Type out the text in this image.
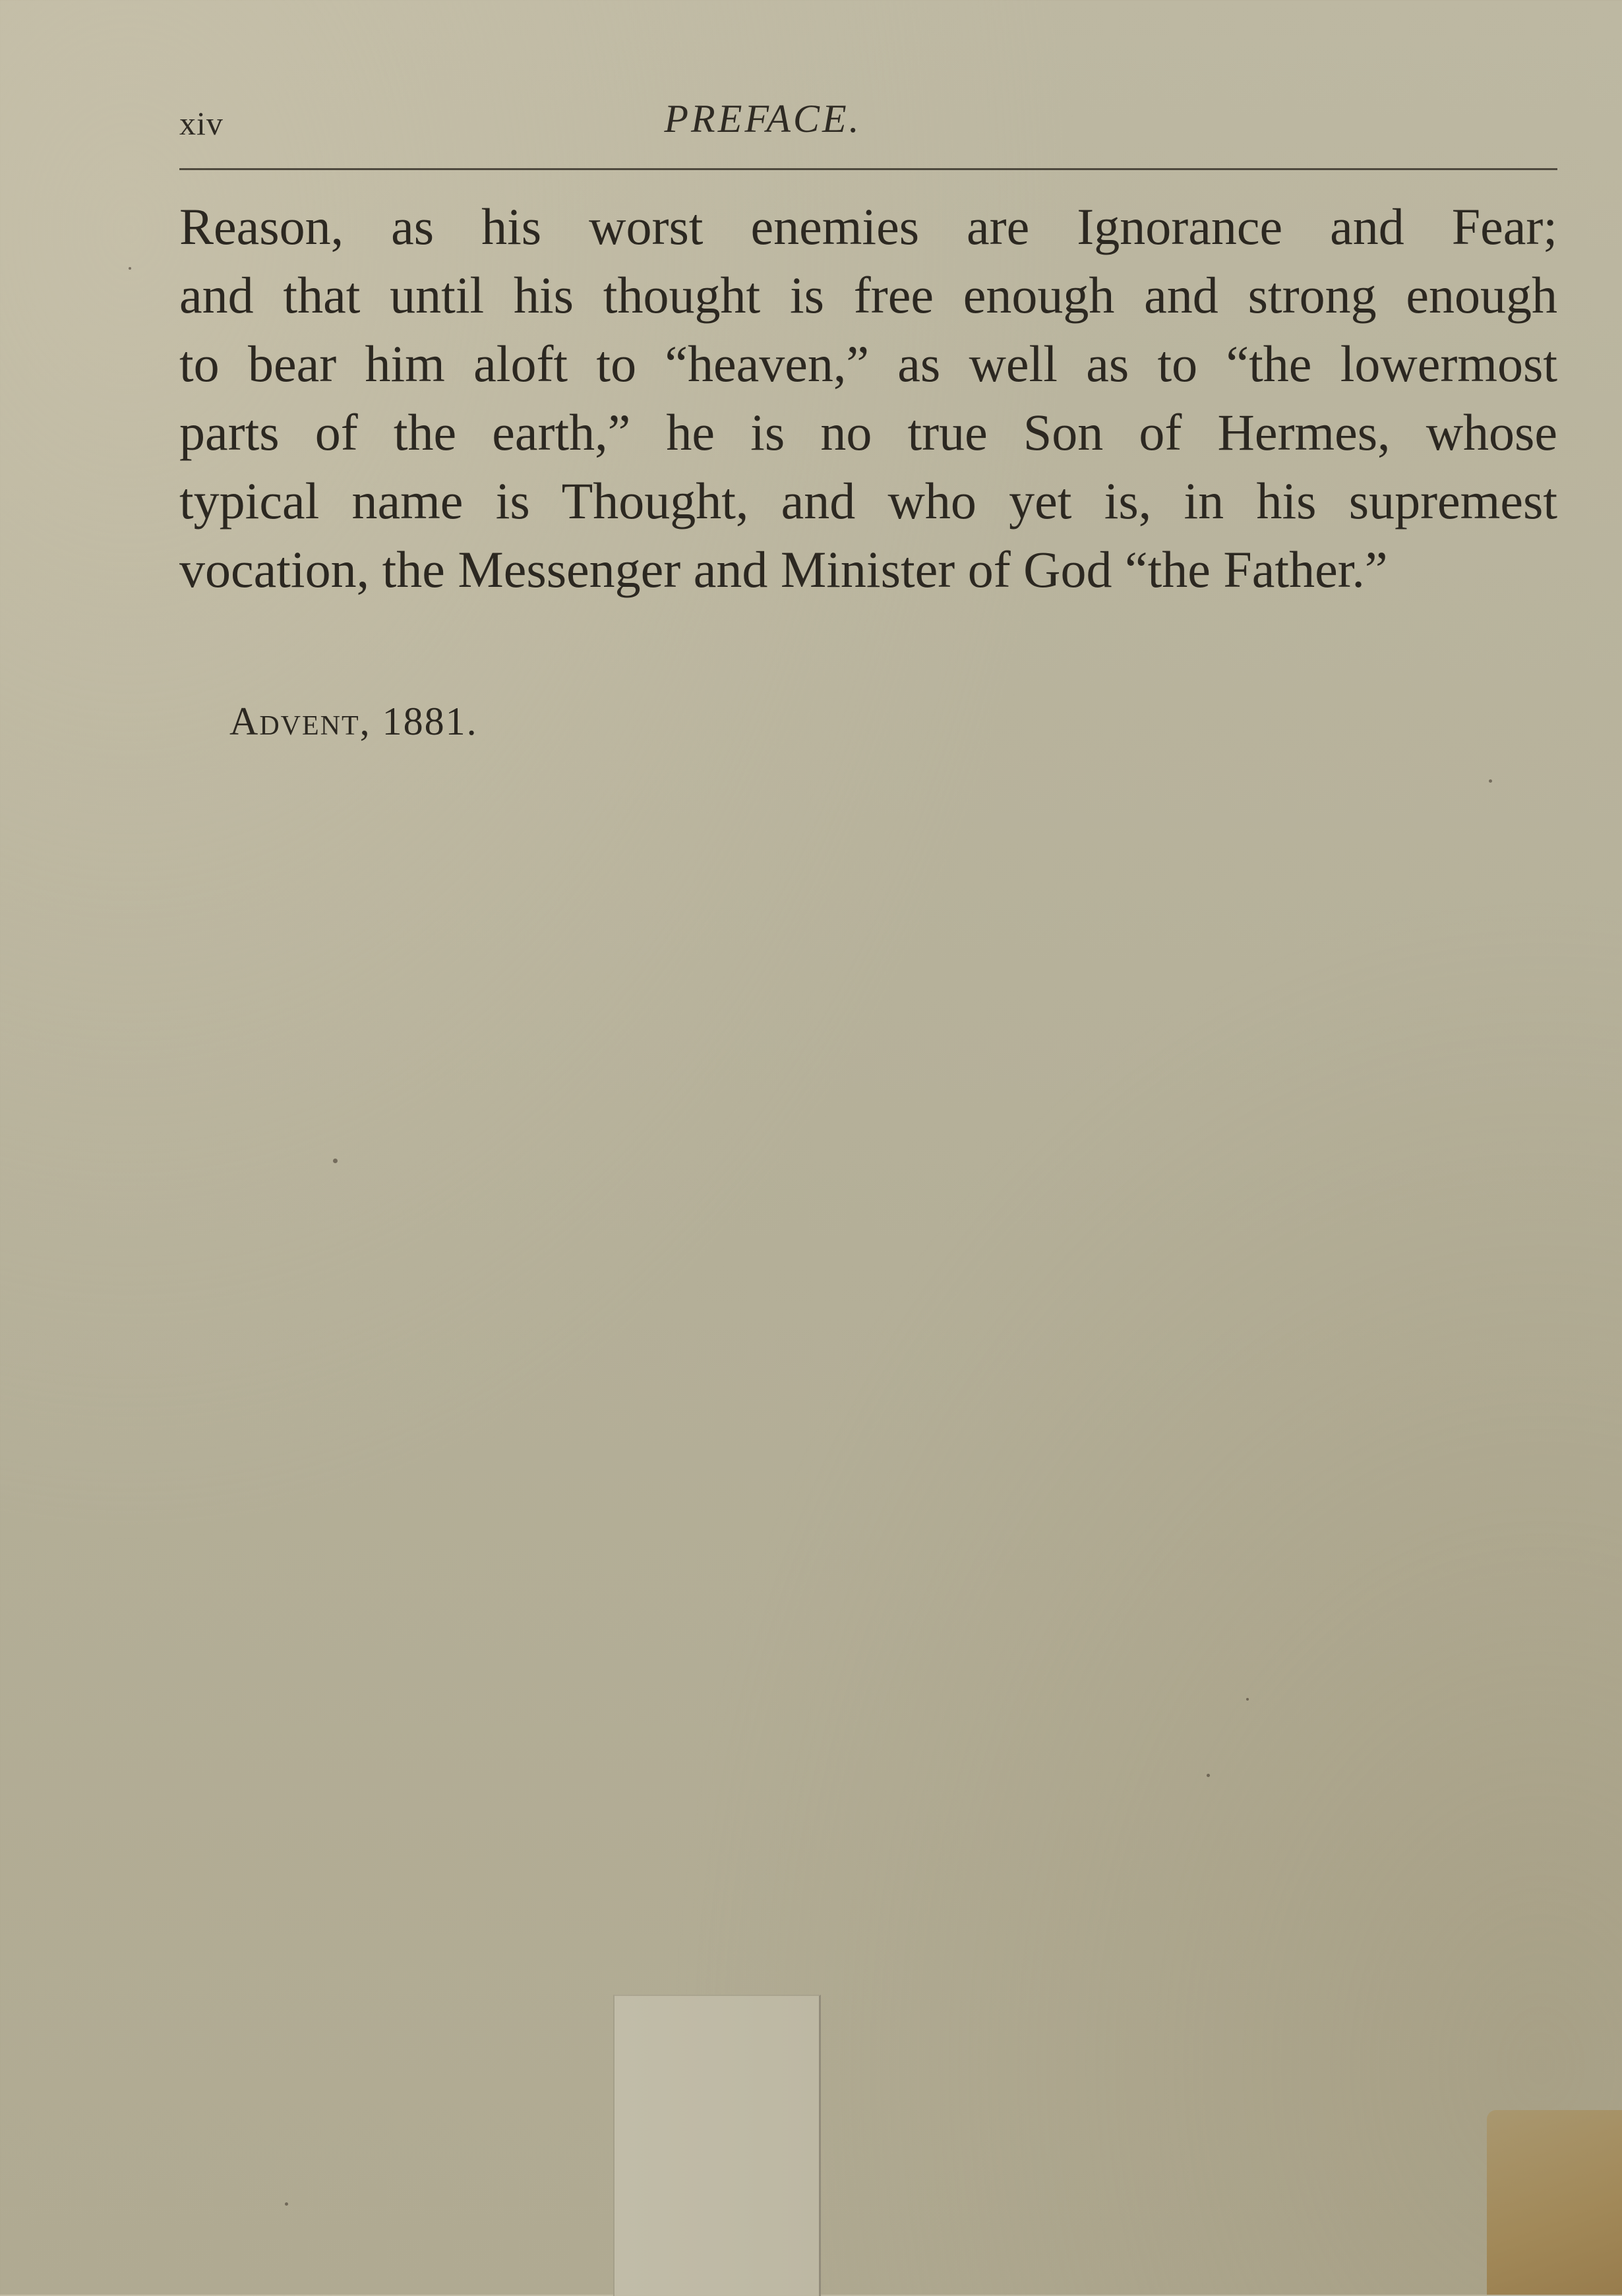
xiv	PREFACE.
Reason, as his worst enemies are Ignorance and Fear;
and that until his thought is free enough and strong enough
to bear him aloft to “heaven,” as well as to “the lowermost
parts of the earth,” he is no true Son of Hermes, whose
typical name is Thought, and who yet is, in his supremest
vocation, the Messenger and Minister of God “the Father.”
Advent, 1881.
